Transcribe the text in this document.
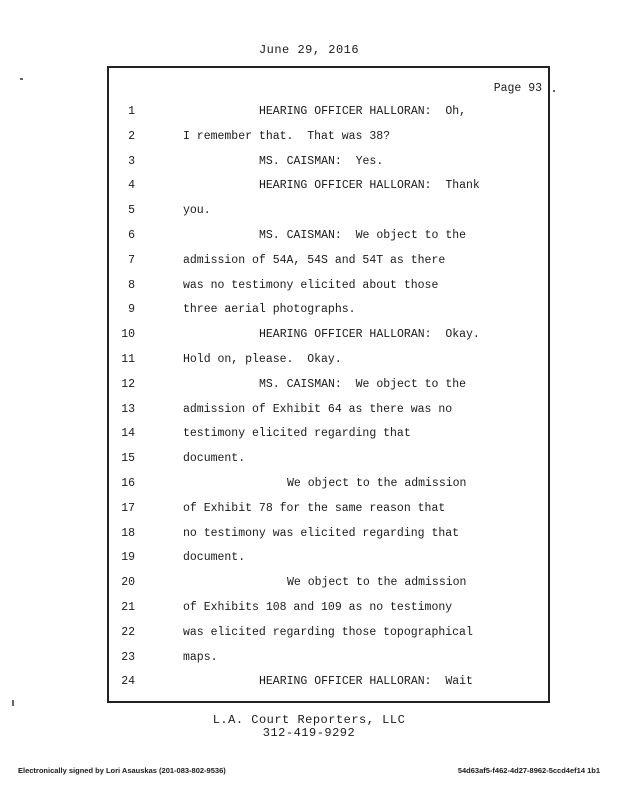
June 29, 2016
Page 93
1	HEARING OFFICER HALLORAN:  Oh,
2	I remember that.  That was 38?
3	MS. CAISMAN:  Yes.
4	HEARING OFFICER HALLORAN:  Thank
5	you.
6	MS. CAISMAN:  We object to the
7	admission of 54A, 54S and 54T as there
8	was no testimony elicited about those
9	three aerial photographs.
10	HEARING OFFICER HALLORAN:  Okay.
11	Hold on, please.  Okay.
12	MS. CAISMAN:  We object to the
13	admission of Exhibit 64 as there was no
14	testimony elicited regarding that
15	document.
16	We object to the admission
17	of Exhibit 78 for the same reason that
18	no testimony was elicited regarding that
19	document.
20	We object to the admission
21	of Exhibits 108 and 109 as no testimony
22	was elicited regarding those topographical
23	maps.
24	HEARING OFFICER HALLORAN:  Wait
L.A. Court Reporters, LLC
312-419-9292
Electronically signed by Lori Asauskas (201-083-802-9536)	54d63af5-f462-4d27-8962-5ccd4ef14 1b1
